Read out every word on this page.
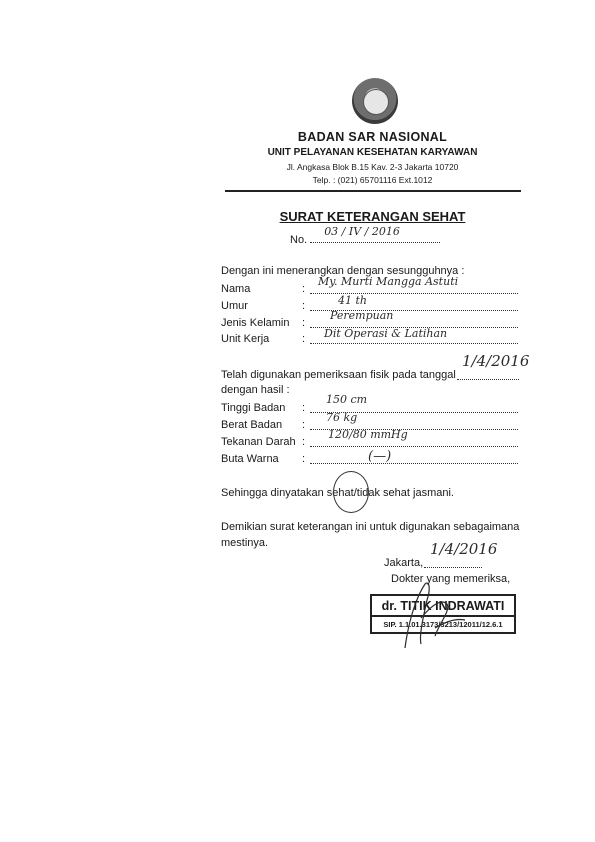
BADAN SAR NASIONAL
UNIT PELAYANAN KESEHATAN KARYAWAN
Jl. Angkasa Blok B.15 Kav. 2-3 Jakarta 10720
Telp. : (021) 65701116 Ext.1012
SURAT KETERANGAN SEHAT
No.
03 / IV / 2016
Dengan ini menerangkan dengan sesungguhnya :
Nama	:
My. Murti Mangga Astuti
Umur	:	41 th
Jenis Kelamin :
Perempuan
Unit Kerja	: Dit Operasi & Latihan
Telah digunakan pemeriksaan fisik pada tanggal
1/4/2016
dengan hasil :
Tinggi Badan :
150 cm
Berat Badan :
76 kg
Tekanan Darah :
120/80 mmHg
Buta Warna :	(—)
Sehingga dinyatakan sehat/tidak sehat jasmani.
Demikian surat keterangan ini untuk digunakan sebagaimana
mestinya.
Jakarta,
1/4/2016
Dokter yang memeriksa,
dr. TITIK INDRAWATI
SIP. 1.1.01.3173/3213/12011/12.6.1
